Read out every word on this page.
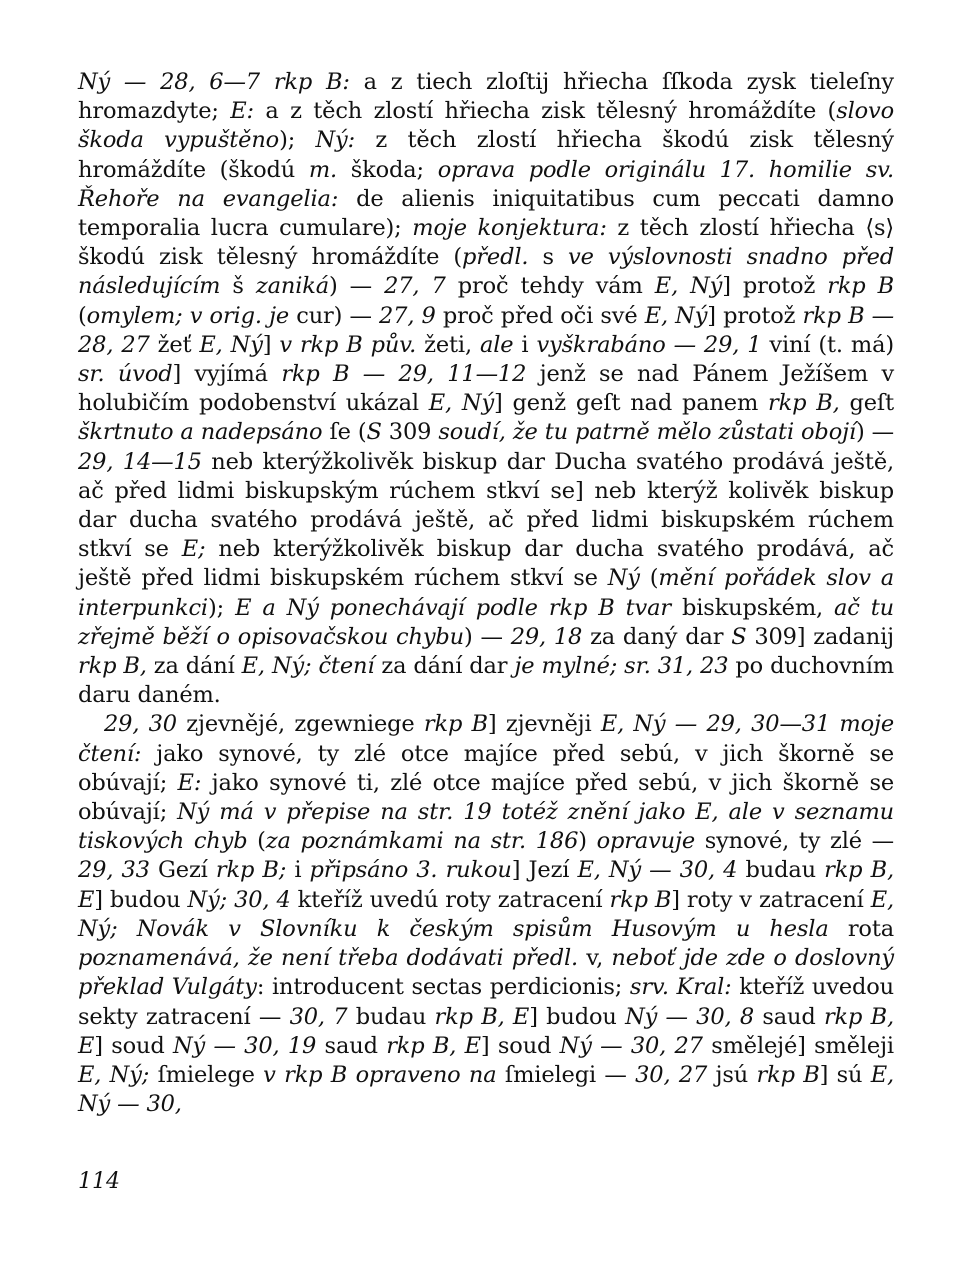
Ný — 28, 6—7 rkp B: a z tiech zloſtij hřiecha ſſkoda zysk tieleſny hromazdyte; E: a z těch zlostí hřiecha zisk tělesný hromáždíte (slovo škoda vypuštěno); Ný: z těch zlostí hřiecha škodú zisk tělesný hromáždíte (škodú m. škoda; oprava podle originálu 17. homilie sv. Řehoře na evangelia: de alienis iniquitatibus cum peccati damno temporalia lucra cumulare); moje konjektura: z těch zlostí hřiecha ⟨s⟩ škodú zisk tělesný hromáždíte (předl. s ve výslovnosti snadno před následujícím š zaniká) — 27, 7 proč tehdy vám E, Ný] protož rkp B (omylem; v orig. je cur) — 27, 9 proč před oči své E, Ný] protož rkp B — 28, 27 žeť E, Ný] v rkp B pův. žeti, ale i vyškrabáno — 29, 1 viní (t. má) sr. úvod] vyjímá rkp B — 29, 11—12 jenž se nad Pánem Ježíšem v holubičím podobenství ukázal E, Ný] genž geſt nad panem rkp B, geſt škrtnuto a nadepsáno ſe (S 309 soudí, že tu patrně mělo zůstati obojí) — 29, 14—15 neb kterýžkolivěk biskup dar Ducha svatého prodává ještě, ač před lidmi biskupským rúchem stkví se] neb kterýž kolivěk biskup dar ducha svatého prodává ještě, ač před lidmi biskupském rúchem stkví se E; neb kterýžkolivěk biskup dar ducha svatého prodává, ač ještě před lidmi biskupském rúchem stkví se Ný (mění pořádek slov a interpunkci); E a Ný ponechávají podle rkp B tvar biskupském, ač tu zřejmě běží o opisovačskou chybu) — 29, 18 za daný dar S 309] zadanij rkp B, za dání E, Ný; čtení za dání dar je mylné; sr. 31, 23 po duchovním daru daném.

29, 30 zjevnějé, zgewniege rkp B] zjevněji E, Ný — 29, 30—31 moje čtení: jako synové, ty zlé otce majíce před sebú, v jich škorně se obúvají; E: jako synové ti, zlé otce majíce před sebú, v jich škorně se obúvají; Ný má v přepise na str. 19 totéž znění jako E, ale v seznamu tiskových chyb (za poznámkami na str. 186) opravuje synové, ty zlé — 29, 33 Gezí rkp B; i připsáno 3. rukou] Jezí E, Ný — 30, 4 budau rkp B, E] budou Ný; 30, 4 kteříž uvedú roty zatracení rkp B] roty v zatracení E, Ný; Novák v Slovníku k českým spisům Husovým u hesla rota poznamenává, že není třeba dodávati předl. v, neboť jde zde o doslovný překlad Vulgáty: introducent sectas perdicionis; srv. Kral: kteříž uvedou sekty zatracení — 30, 7 budau rkp B, E] budou Ný — 30, 8 saud rkp B, E] soud Ný — 30, 19 saud rkp B, E] soud Ný — 30, 27 smělejé] směleji E, Ný; ſmielege v rkp B opraveno na ſmielegi — 30, 27 jsú rkp B] sú E, Ný — 30,

114
